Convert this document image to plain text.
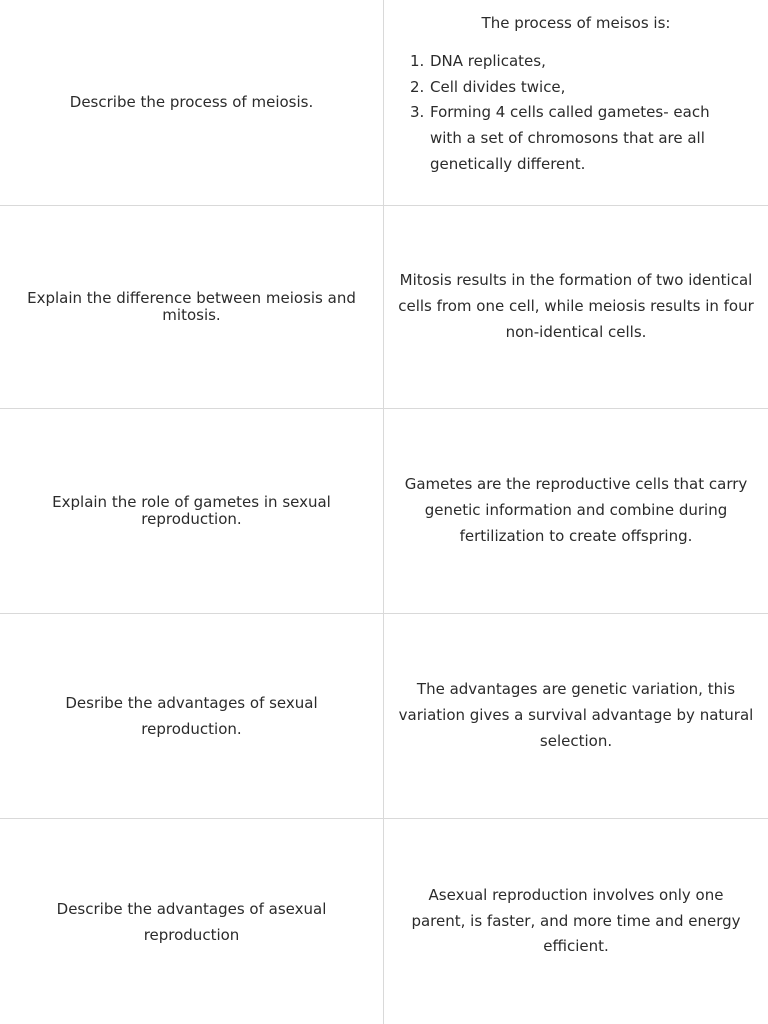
Describe the process of meiosis.
The process of meisos is:
1. DNA replicates,
2. Cell divides twice,
3. Forming 4 cells called gametes- each with a set of chromosons that are all genetically different.
Explain the difference between meiosis and mitosis.
Mitosis results in the formation of two identical cells from one cell, while meiosis results in four non-identical cells.
Explain the role of gametes in sexual reproduction.
Gametes are the reproductive cells that carry genetic information and combine during fertilization to create offspring.
Desribe the advantages of sexual reproduction.
The advantages are genetic variation, this variation gives a survival advantage by natural selection.
Describe the advantages of asexual reproduction
Asexual reproduction involves only one parent, is faster, and more time and energy efficient.
